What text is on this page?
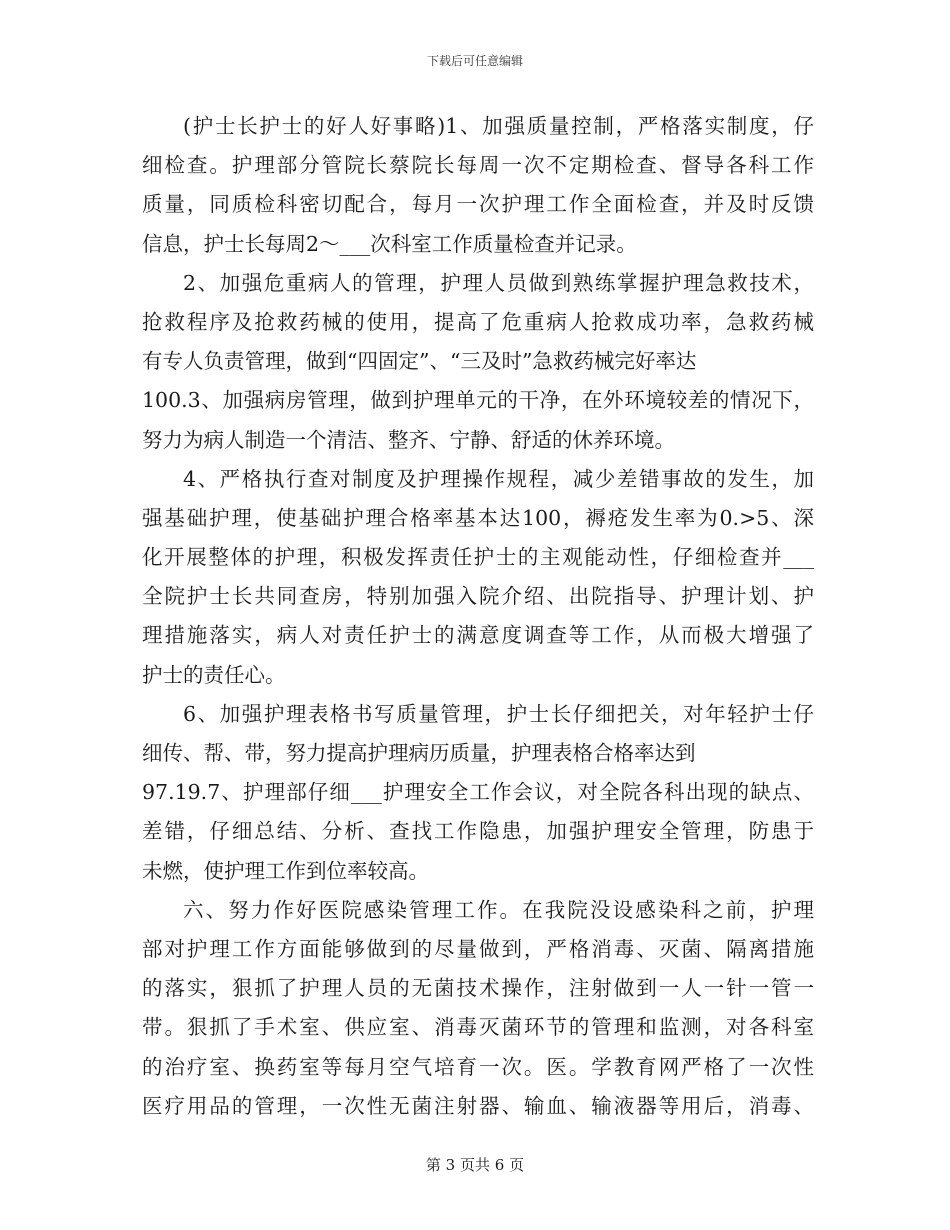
下载后可任意编辑
(护士长护士的好人好事略)1、加强质量控制，严格落实制度，仔
细检查。护理部分管院长蔡院长每周一次不定期检查、督导各科工作
质量，同质检科密切配合，每月一次护理工作全面检查，并及时反馈
信息，护士长每周2～___次科室工作质量检查并记录。
2、加强危重病人的管理，护理人员做到熟练掌握护理急救技术，
抢救程序及抢救药械的使用，提高了危重病人抢救成功率，急救药械
有专人负责管理，做到“四固定”、“三及时”急救药械完好率达
100.3、加强病房管理，做到护理单元的干净，在外环境较差的情况下，
努力为病人制造一个清洁、整齐、宁静、舒适的休养环境。
4、严格执行查对制度及护理操作规程，减少差错事故的发生，加
强基础护理，使基础护理合格率基本达100，褥疮发生率为0.>5、深
化开展整体的护理，积极发挥责任护士的主观能动性，仔细检查并___
全院护士长共同查房，特别加强入院介绍、出院指导、护理计划、护
理措施落实，病人对责任护士的满意度调查等工作，从而极大增强了
护士的责任心。
6、加强护理表格书写质量管理，护士长仔细把关，对年轻护士仔
细传、帮、带，努力提高护理病历质量，护理表格合格率达到
97.19.7、护理部仔细___护理安全工作会议，对全院各科出现的缺点、
差错，仔细总结、分析、查找工作隐患，加强护理安全管理，防患于
未燃，使护理工作到位率较高。
六、努力作好医院感染管理工作。在我院没设感染科之前，护理
部对护理工作方面能够做到的尽量做到，严格消毒、灭菌、隔离措施
的落实，狠抓了护理人员的无菌技术操作，注射做到一人一针一管一
带。狠抓了手术室、供应室、消毒灭菌环节的管理和监测，对各科室
的治疗室、换药室等每月空气培育一次。医。学教育网严格了一次性
医疗用品的管理，一次性无菌注射器、输血、输液器等用后，消毒、
第 3 页共 6 页
